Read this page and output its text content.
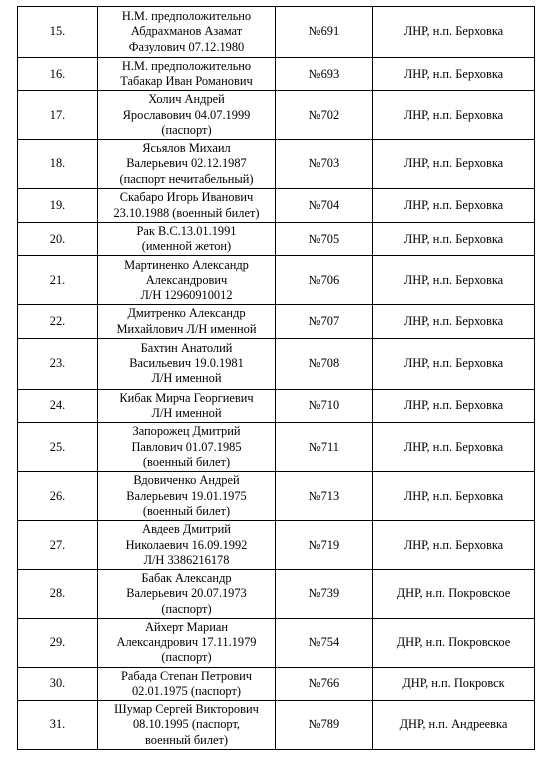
15.	Н.М. предположительно
Абдрахманов Азамат
Фазулович 07.12.1980	№691	ЛНР, н.п. Берховка
16.	Н.М. предположительно
Табакар Иван Романович	№693	ЛНР, н.п. Берховка
17.	Холич Андрей
Ярославович 04.07.1999
(паспорт)	№702	ЛНР, н.п. Берховка
18.	Ясьялов Михаил
Валерьевич 02.12.1987
(паспорт нечитабельный)	№703	ЛНР, н.п. Берховка
19.	Скабаро Игорь Иванович
23.10.1988 (военный билет)	№704	ЛНР, н.п. Берховка
20.	Рак В.С.13.01.1991
(именной жетон)	№705	ЛНР, н.п. Берховка
21.	Мартиненко Александр
Александрович
Л/Н 12960910012	№706	ЛНР, н.п. Берховка
22.	Дмитренко Александр
Михайлович Л/Н именной	№707	ЛНР, н.п. Берховка
23.	Бахтин Анатолий
Васильевич 19.0.1981
Л/Н именной	№708	ЛНР, н.п. Берховка
24.	Кибак Мирча Георгиевич
Л/Н именной	№710	ЛНР, н.п. Берховка
25.	Запорожец Дмитрий
Павлович 01.07.1985
(военный билет)	№711	ЛНР, н.п. Берховка
26.	Вдовиченко Андрей
Валерьевич 19.01.1975
(военный билет)	№713	ЛНР, н.п. Берховка
27.	Авдеев Дмитрий
Николаевич 16.09.1992
Л/Н 3386216178	№719	ЛНР, н.п. Берховка
28.	Бабак Александр
Валерьевич 20.07.1973
(паспорт)	№739	ДНР, н.п. Покровское
29.	Айхерт Мариан
Александрович 17.11.1979
(паспорт)	№754	ДНР, н.п. Покровское
30.	Рабада Степан Петрович
02.01.1975 (паспорт)	№766	ДНР, н.п. Покровск
31.	Шумар Сергей Викторович
08.10.1995 (паспорт,
военный билет)	№789	ДНР, н.п. Андреевка
